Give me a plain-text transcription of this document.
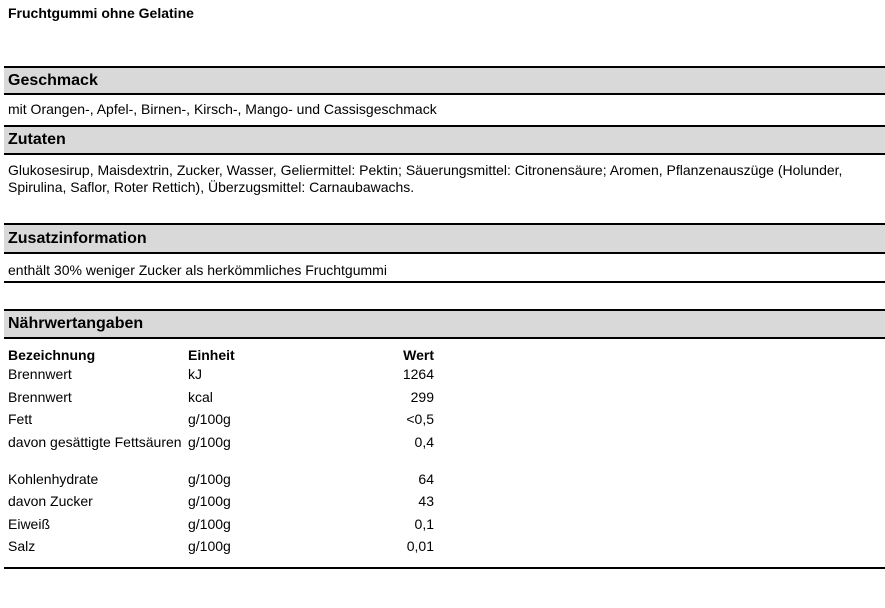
Fruchtgummi ohne Gelatine
Geschmack
mit Orangen-, Apfel-, Birnen-, Kirsch-, Mango- und Cassisgeschmack
Zutaten
Glukosesirup, Maisdextrin, Zucker, Wasser, Geliermittel: Pektin; Säuerungsmittel: Citronensäure; Aromen, Pflanzenauszüge (Holunder, Spirulina, Saflor, Roter Rettich), Überzugsmittel: Carnaubawachs.
Zusatzinformation
enthält 30% weniger Zucker als herkömmliches Fruchtgummi
Nährwertangaben
Bezeichnung	Einheit	Wert
Brennwert	kJ	1264
Brennwert	kcal	299
Fett	g/100g	<0,5
davon gesättigte Fettsäuren	g/100g	0,4
Kohlenhydrate	g/100g	64
davon Zucker	g/100g	43
Eiweiß	g/100g	0,1
Salz	g/100g	0,01
